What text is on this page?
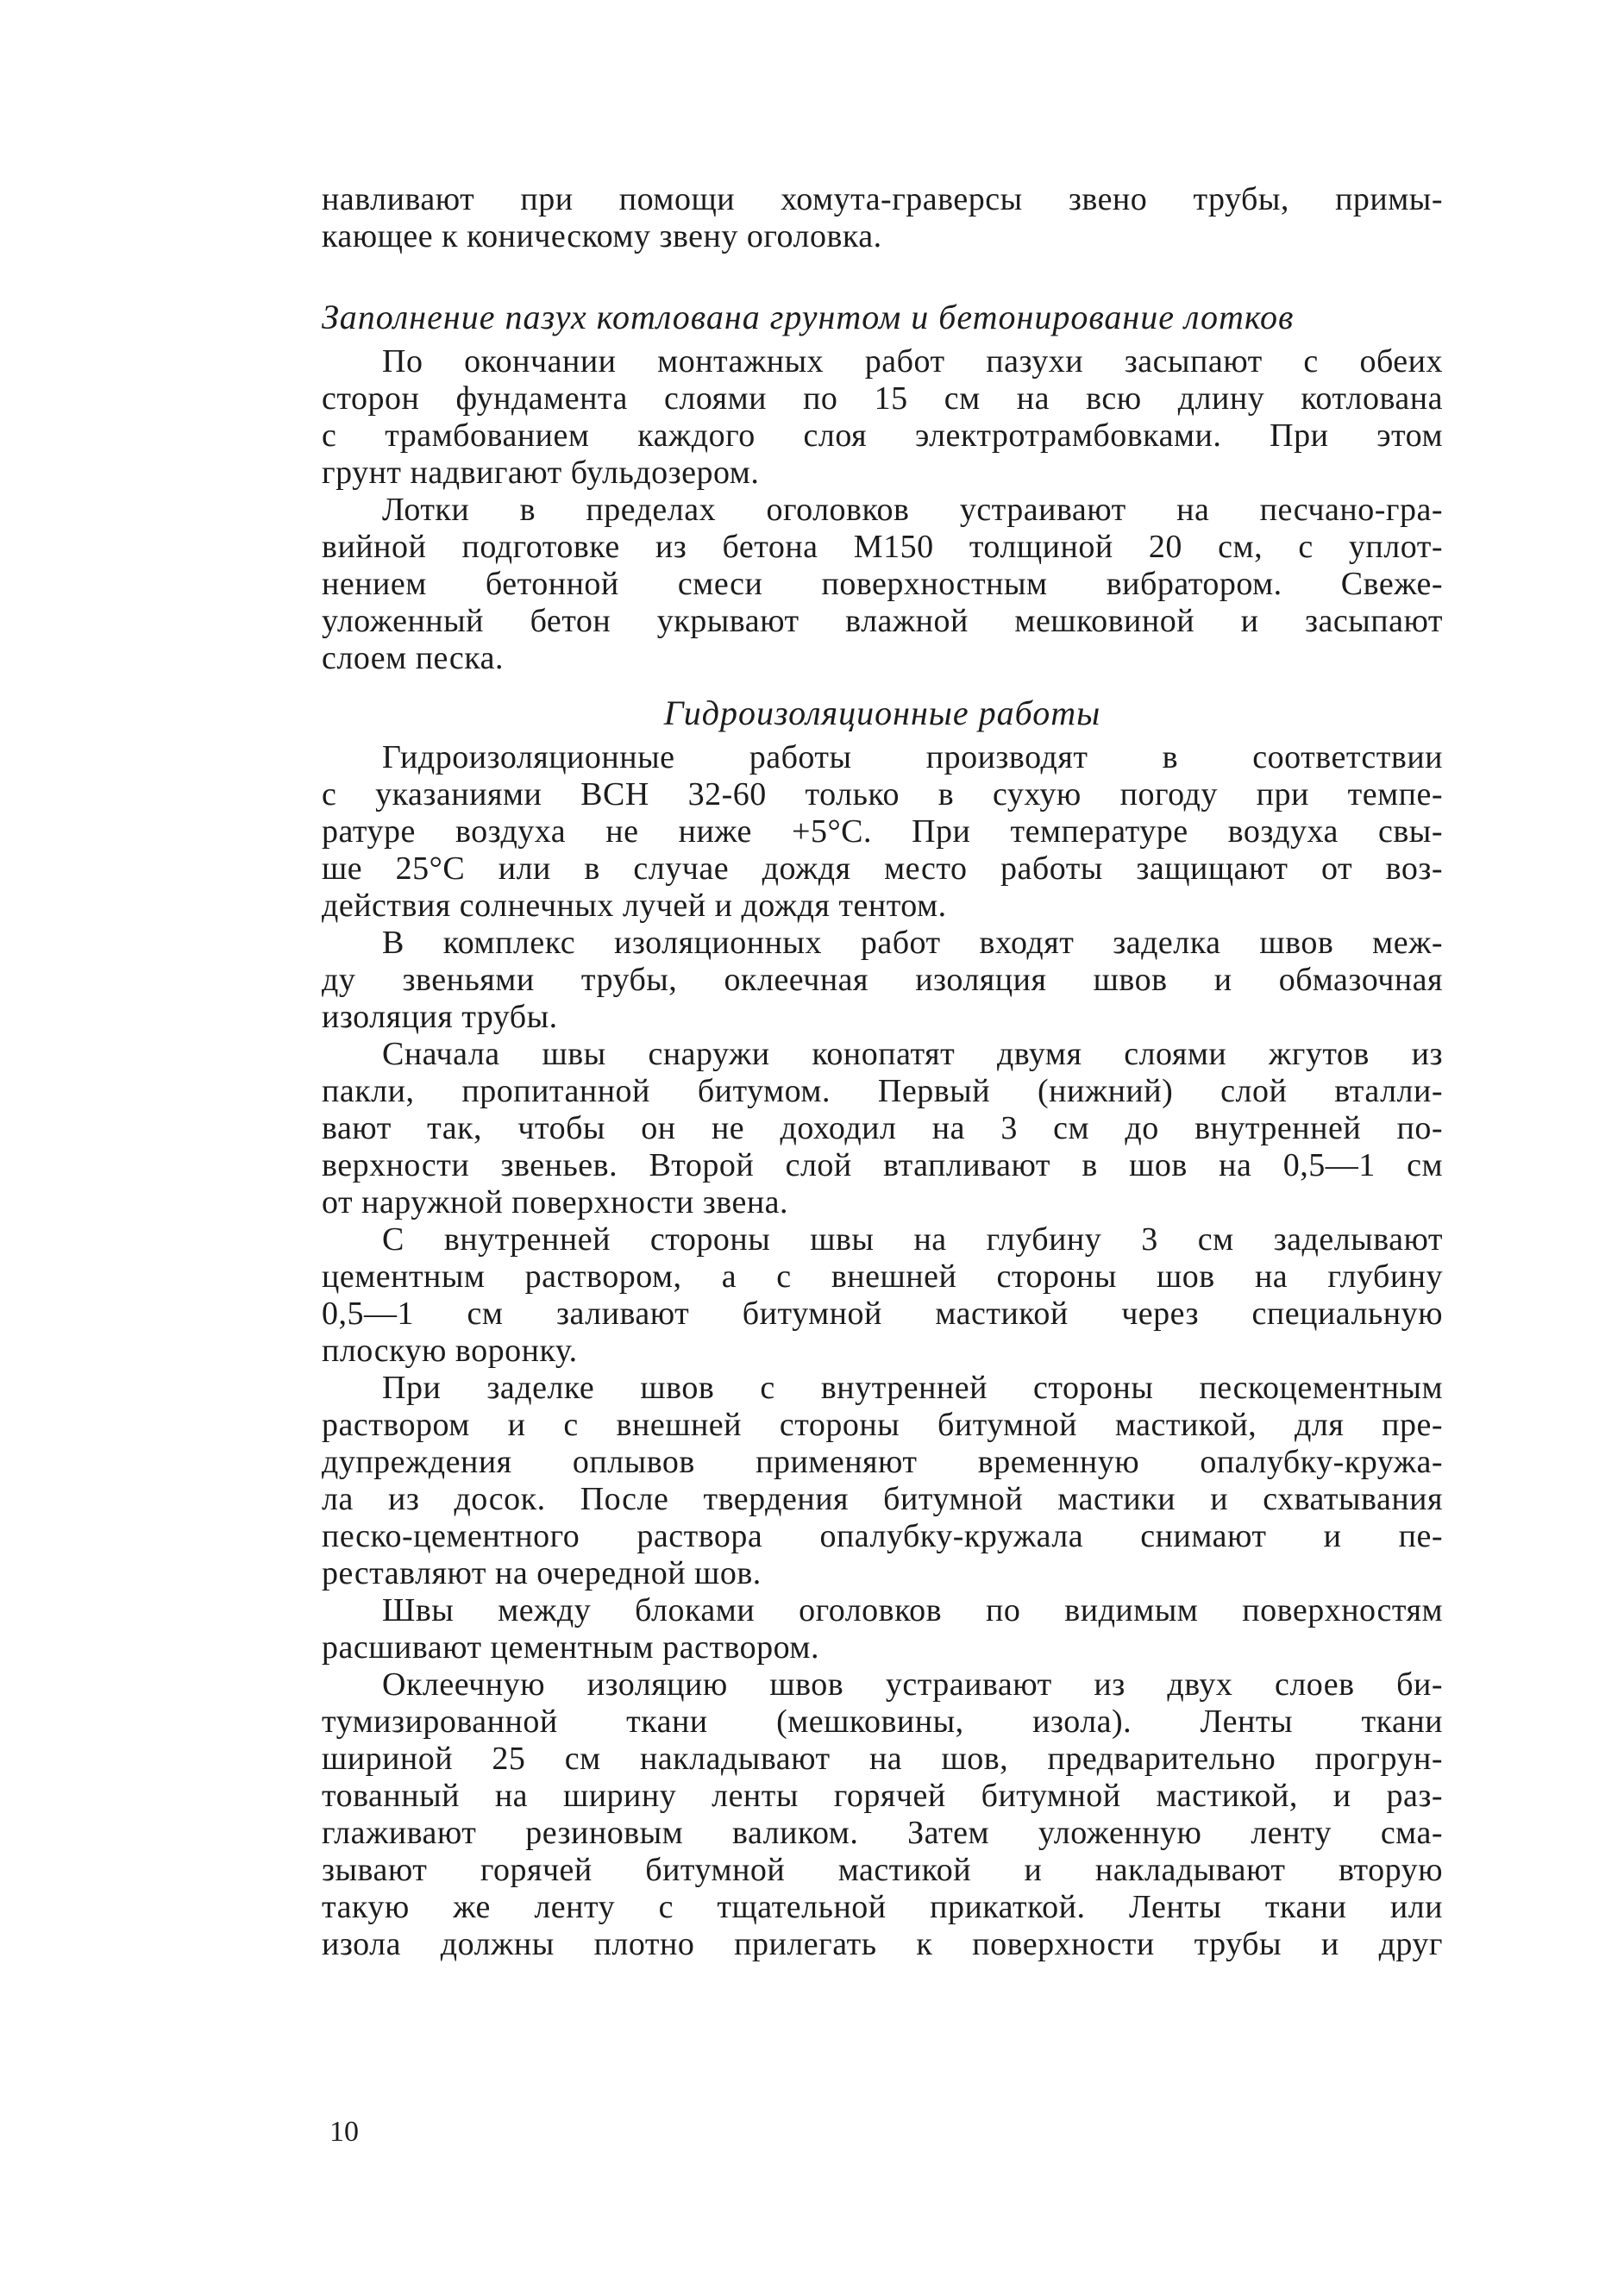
навливают при помощи хомута-граверсы звено трубы, примы-
кающее к коническому звену оголовка.
Заполнение пазух котлована грунтом и бетонирование лотков
По окончании монтажных работ пазухи засыпают с обеих
сторон фундамента слоями по 15 см на всю длину котлована
с трамбованием каждого слоя электротрамбовками. При этом
грунт надвигают бульдозером.
Лотки в пределах оголовков устраивают на песчано-гра-
вийной подготовке из бетона М150 толщиной 20 см, с уплот-
нением бетонной смеси поверхностным вибратором. Свеже-
уложенный бетон укрывают влажной мешковиной и засыпают
слоем песка.
Гидроизоляционные работы
Гидроизоляционные работы производят в соответствии
с указаниями ВСН 32-60 только в сухую погоду при темпе-
ратуре воздуха не ниже +5°С. При температуре воздуха свы-
ше 25°С или в случае дождя место работы защищают от воз-
действия солнечных лучей и дождя тентом.
В комплекс изоляционных работ входят заделка швов меж-
ду звеньями трубы, оклеечная изоляция швов и обмазочная
изоляция трубы.
Сначала швы снаружи конопатят двумя слоями жгутов из
пакли, пропитанной битумом. Первый (нижний) слой вталли-
вают так, чтобы он не доходил на 3 см до внутренней по-
верхности звеньев. Второй слой втапливают в шов на 0,5—1 см
от наружной поверхности звена.
С внутренней стороны швы на глубину 3 см заделывают
цементным раствором, а с внешней стороны шов на глубину
0,5—1 см заливают битумной мастикой через специальную
плоскую воронку.
При заделке швов с внутренней стороны пескоцементным
раствором и с внешней стороны битумной мастикой, для пре-
дупреждения оплывов применяют временную опалубку-кружа-
ла из досок. После твердения битумной мастики и схватывания
песко-цементного раствора опалубку-кружала снимают и пе-
реставляют на очередной шов.
Швы между блоками оголовков по видимым поверхностям
расшивают цементным раствором.
Оклеечную изоляцию швов устраивают из двух слоев би-
тумизированной ткани (мешковины, изола). Ленты ткани
шириной 25 см накладывают на шов, предварительно прогрун-
тованный на ширину ленты горячей битумной мастикой, и раз-
глаживают резиновым валиком. Затем уложенную ленту сма-
зывают горячей битумной мастикой и накладывают вторую
такую же ленту с тщательной прикаткой. Ленты ткани или
изола должны плотно прилегать к поверхности трубы и друг
10
